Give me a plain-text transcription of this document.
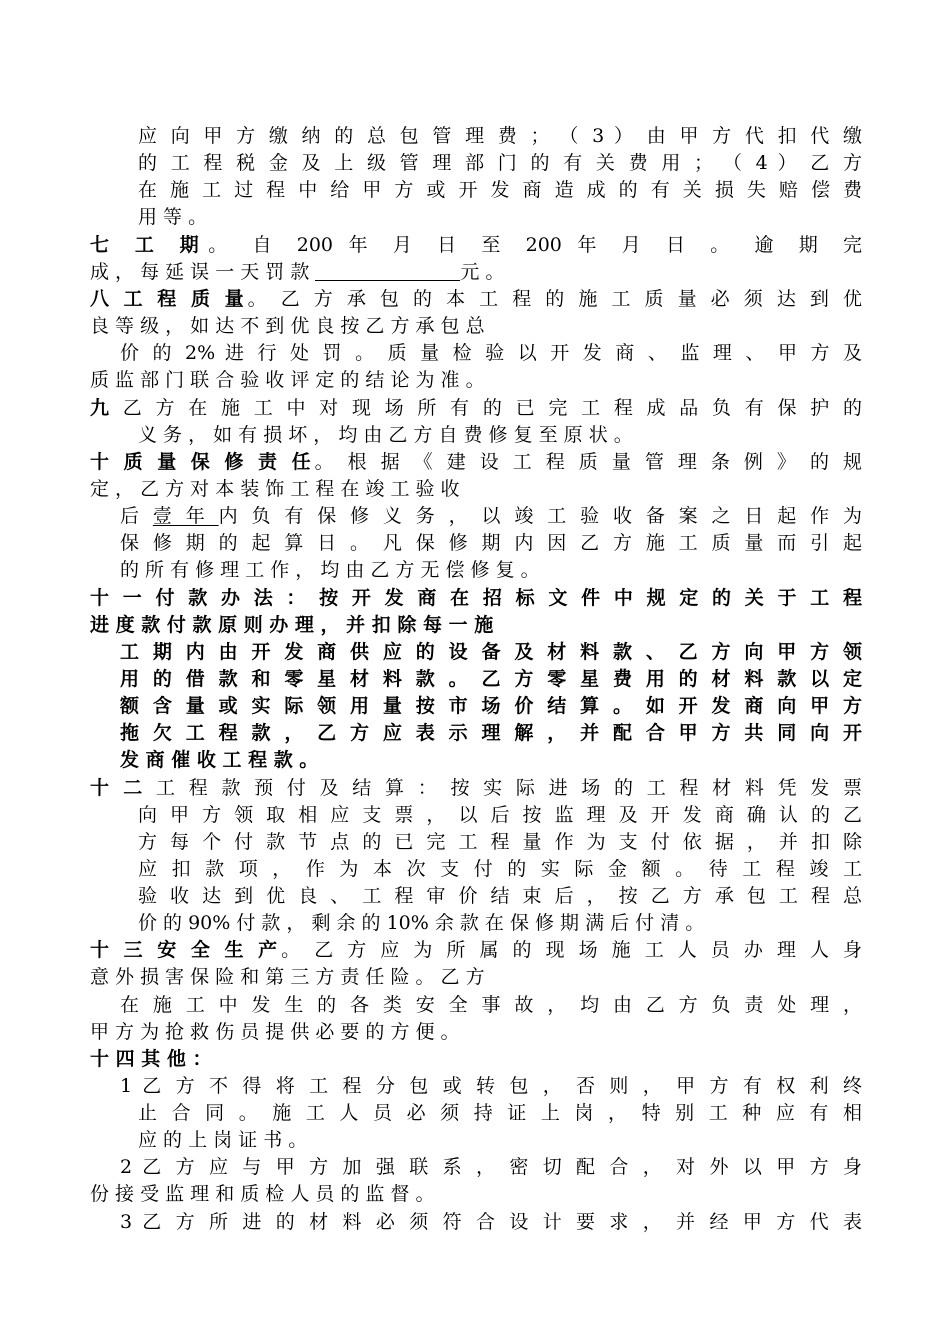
应 向 甲 方 缴 纳 的 总 包 管 理 费 ； （ 3 ） 由 甲 方 代 扣 代 缴
的 工 程 税 金 及 上 级 管 理 部 门 的 有 关 费 用 ； （ 4 ） 乙 方
在 施 工 过 程 中 给 甲 方 或 开 发 商 造 成 的 有 关 损 失 赔 偿 费
用 等 。
七 工 期。 自 200 年 月 日 至 200 年 月 日 。 逾 期 完
成 ， 每 延 误 一 天 罚 款	元 。
八 工 程 质 量。 乙 方 承 包 的 本 工 程 的 施 工 质 量 必 须 达 到 优
良 等 级 ， 如 达 不 到 优 良 按 乙 方 承 包 总
价 的 2% 进 行 处 罚 。 质 量 检 验 以 开 发 商 、 监 理 、 甲 方 及
质 监 部 门 联 合 验 收 评 定 的 结 论 为 准 。
九 乙 方 在 施 工 中 对 现 场 所 有 的 已 完 工 程 成 品 负 有 保 护 的
义 务 ， 如 有 损 坏 ， 均 由 乙 方 自 费 修 复 至 原 状 。
十 质 量 保 修 责 任。 根 据 《 建 设 工 程 质 量 管 理 条 例 》 的 规
定 ， 乙 方 对 本 装 饰 工 程 在 竣 工 验 收
后 壹 年 内 负 有 保 修 义 务 ， 以 竣 工 验 收 备 案 之 日 起 作 为
保 修 期 的 起 算 日 。 凡 保 修 期 内 因 乙 方 施 工 质 量 而 引 起
的 所 有 修 理 工 作 ， 均 由 乙 方 无 偿 修 复 。
十 一 付 款 办 法 ： 按 开 发 商 在 招 标 文 件 中 规 定 的 关 于 工 程
进 度 款 付 款 原 则 办 理 ， 并 扣 除 每 一 施
工 期 内 由 开 发 商 供 应 的 设 备 及 材 料 款 、 乙 方 向 甲 方 领
用 的 借 款 和 零 星 材 料 款 。 乙 方 零 星 费 用 的 材 料 款 以 定
额 含 量 或 实 际 领 用 量 按 市 场 价 结 算 。 如 开 发 商 向 甲 方
拖 欠 工 程 款 ， 乙 方 应 表 示 理 解 ， 并 配 合 甲 方 共 同 向 开
发 商 催 收 工 程 款 。
十 二 工 程 款 预 付 及 结 算 ： 按 实 际 进 场 的 工 程 材 料 凭 发 票
向 甲 方 领 取 相 应 支 票 ， 以 后 按 监 理 及 开 发 商 确 认 的 乙
方 每 个 付 款 节 点 的 已 完 工 程 量 作 为 支 付 依 据 ， 并 扣 除
应 扣 款 项 ， 作 为 本 次 支 付 的 实 际 金 额 。 待 工 程 竣 工
验 收 达 到 优 良 、 工 程 审 价 结 束 后 ， 按 乙 方 承 包 工 程 总
价 的 90% 付 款 ， 剩 余 的 10% 余 款 在 保 修 期 满 后 付 清 。
十 三 安 全 生 产。 乙 方 应 为 所 属 的 现 场 施 工 人 员 办 理 人 身
意 外 损 害 保 险 和 第 三 方 责 任 险 。 乙 方
在 施 工 中 发 生 的 各 类 安 全 事 故 ， 均 由 乙 方 负 责 处 理 ，
甲 方 为 抢 救 伤 员 提 供 必 要 的 方 便 。
十 四 其 他 ：
1 乙 方 不 得 将 工 程 分 包 或 转 包 ， 否 则 ， 甲 方 有 权 利 终
止 合 同 。 施 工 人 员 必 须 持 证 上 岗 ， 特 别 工 种 应 有 相
应 的 上 岗 证 书 。
2 乙 方 应 与 甲 方 加 强 联 系 ， 密 切 配 合 ， 对 外 以 甲 方 身
份 接 受 监 理 和 质 检 人 员 的 监 督 。
3 乙 方 所 进 的 材 料 必 须 符 合 设 计 要 求 ， 并 经 甲 方 代 表
